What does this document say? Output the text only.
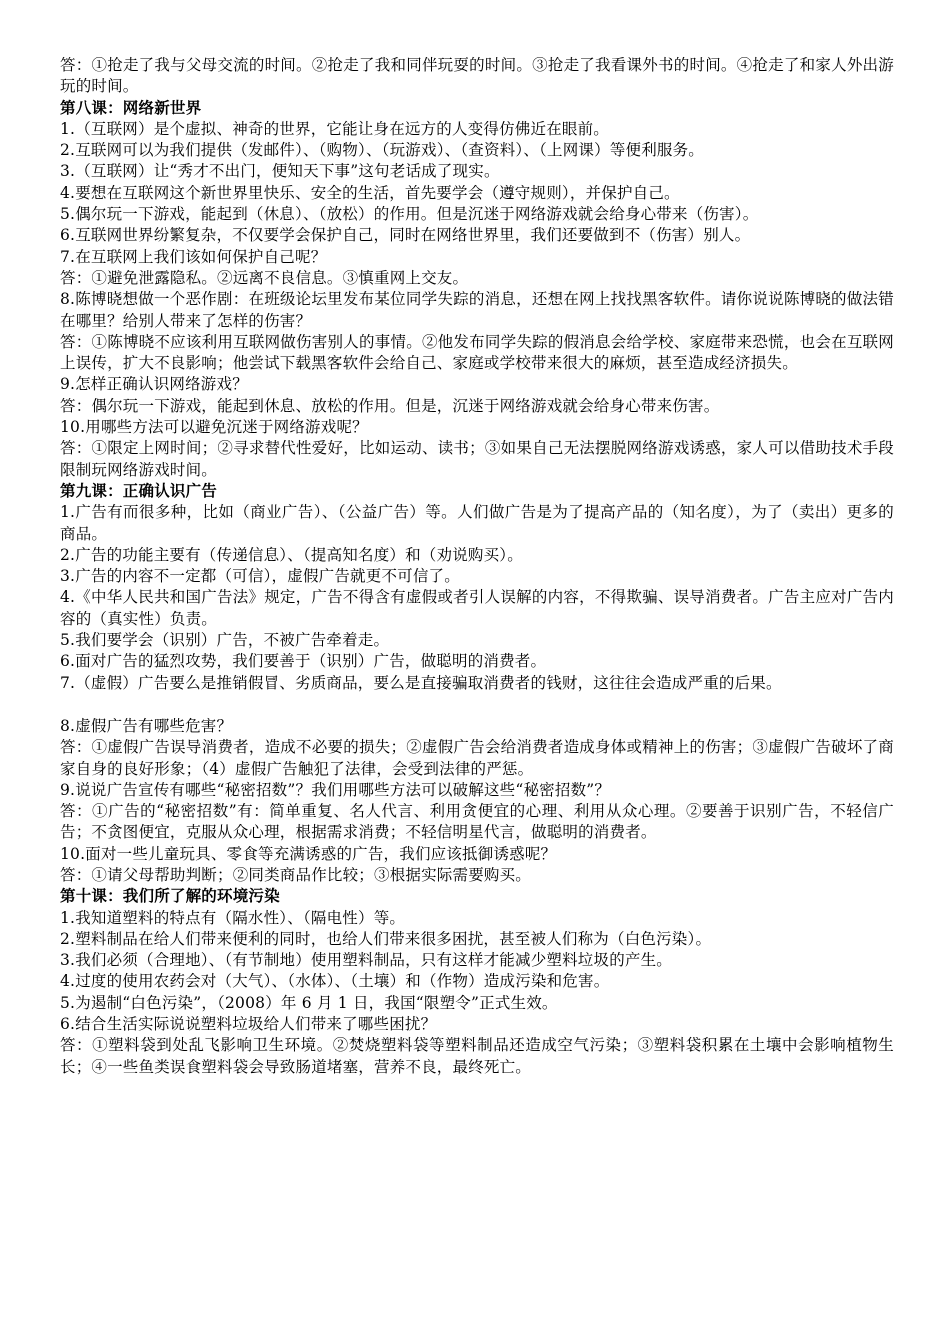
答：①抢走了我与父母交流的时间。②抢走了我和同伴玩耍的时间。③抢走了我看课外书的时间。④抢走了和家人外出游玩的时间。

第八课：网络新世界

1.（互联网）是个虚拟、神奇的世界，它能让身在远方的人变得仿佛近在眼前。

2.互联网可以为我们提供（发邮件）、（购物）、（玩游戏）、（查资料）、（上网课）等便利服务。

3.（互联网）让“秀才不出门，便知天下事”这句老话成了现实。

4.要想在互联网这个新世界里快乐、安全的生活，首先要学会（遵守规则），并保护自己。

5.偶尔玩一下游戏，能起到（休息）、（放松）的作用。但是沉迷于网络游戏就会给身心带来（伤害）。

6.互联网世界纷繁复杂，不仅要学会保护自己，同时在网络世界里，我们还要做到不（伤害）别人。

7.在互联网上我们该如何保护自己呢？

答：①避免泄露隐私。②远离不良信息。③慎重网上交友。

8.陈博晓想做一个恶作剧：在班级论坛里发布某位同学失踪的消息，还想在网上找找黑客软件。请你说说陈博晓的做法错在哪里？给别人带来了怎样的伤害？

答：①陈博晓不应该利用互联网做伤害别人的事情。②他发布同学失踪的假消息会给学校、家庭带来恐慌，也会在互联网上误传，扩大不良影响；他尝试下载黑客软件会给自己、家庭或学校带来很大的麻烦，甚至造成经济损失。

9.怎样正确认识网络游戏？

答：偶尔玩一下游戏，能起到休息、放松的作用。但是，沉迷于网络游戏就会给身心带来伤害。

10.用哪些方法可以避免沉迷于网络游戏呢？

答：①限定上网时间；②寻求替代性爱好，比如运动、读书；③如果自己无法摆脱网络游戏诱惑，家人可以借助技术手段限制玩网络游戏时间。

第九课：正确认识广告

1.广告有而很多种，比如（商业广告）、（公益广告）等。人们做广告是为了提高产品的（知名度），为了（卖出）更多的商品。

2.广告的功能主要有（传递信息）、（提高知名度）和（劝说购买）。

3.广告的内容不一定都（可信），虚假广告就更不可信了。

4.《中华人民共和国广告法》规定，广告不得含有虚假或者引人误解的内容，不得欺骗、误导消费者。广告主应对广告内容的（真实性）负责。

5.我们要学会（识别）广告，不被广告牵着走。

6.面对广告的猛烈攻势，我们要善于（识别）广告，做聪明的消费者。

7.（虚假）广告要么是推销假冒、劣质商品，要么是直接骗取消费者的钱财，这往往会造成严重的后果。

8.虚假广告有哪些危害？

答：①虚假广告误导消费者，造成不必要的损失；②虚假广告会给消费者造成身体或精神上的伤害；③虚假广告破坏了商家自身的良好形象；（4）虚假广告触犯了法律，会受到法律的严惩。

9.说说广告宣传有哪些“秘密招数”？我们用哪些方法可以破解这些“秘密招数”？

答：①广告的“秘密招数”有：简单重复、名人代言、利用贪便宜的心理、利用从众心理。②要善于识别广告，不轻信广告；不贪图便宜，克服从众心理，根据需求消费；不轻信明星代言，做聪明的消费者。

10.面对一些儿童玩具、零食等充满诱惑的广告，我们应该抵御诱惑呢？

答：①请父母帮助判断；②同类商品作比较；③根据实际需要购买。

第十课：我们所了解的环境污染

1.我知道塑料的特点有（隔水性）、（隔电性）等。

2.塑料制品在给人们带来便利的同时，也给人们带来很多困扰，甚至被人们称为（白色污染）。

3.我们必须（合理地）、（有节制地）使用塑料制品，只有这样才能减少塑料垃圾的产生。

4.过度的使用农药会对（大气）、（水体）、（土壤）和（作物）造成污染和危害。

5.为遏制“白色污染”，（2008）年 6 月 1 日，我国“限塑令”正式生效。

6.结合生活实际说说塑料垃圾给人们带来了哪些困扰？

答：①塑料袋到处乱飞影响卫生环境。②焚烧塑料袋等塑料制品还造成空气污染；③塑料袋积累在土壤中会影响植物生长；④一些鱼类误食塑料袋会导致肠道堵塞，营养不良，最终死亡。
